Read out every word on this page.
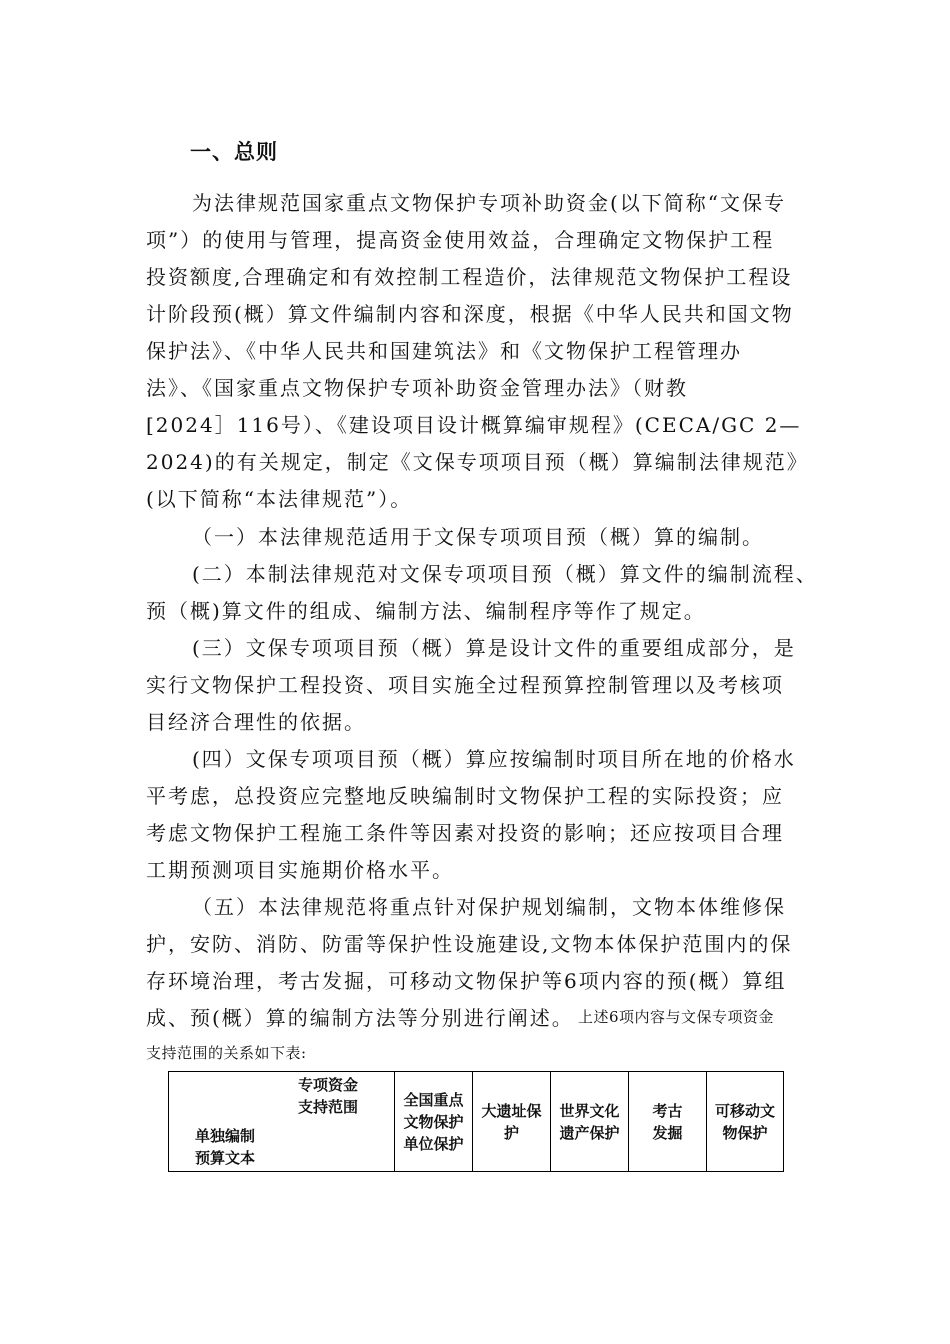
一、总则
为法律规范国家重点文物保护专项补助资金(以下简称“文保专
项”）的使用与管理，提高资金使用效益，合理确定文物保护工程
投资额度,合理确定和有效控制工程造价，法律规范文物保护工程设
计阶段预(概）算文件编制内容和深度，根据《中华人民共和国文物
保护法》、《中华人民共和国建筑法》和《文物保护工程管理办
法》、《国家重点文物保护专项补助资金管理办法》（财教
[2024］116号）、《建设项目设计概算编审规程》(CECA/GC 2—
2024)的有关规定，制定《文保专项项目预（概）算编制法律规范》
(以下简称“本法律规范”）。
（一）本法律规范适用于文保专项项目预（概）算的编制。
(二）本制法律规范对文保专项项目预（概）算文件的编制流程、
预（概)算文件的组成、编制方法、编制程序等作了规定。
(三）文保专项项目预（概）算是设计文件的重要组成部分，是
实行文物保护工程投资、项目实施全过程预算控制管理以及考核项
目经济合理性的依据。
(四）文保专项项目预（概）算应按编制时项目所在地的价格水
平考虑，总投资应完整地反映编制时文物保护工程的实际投资；应
考虑文物保护工程施工条件等因素对投资的影响；还应按项目合理
工期预测项目实施期价格水平。
（五）本法律规范将重点针对保护规划编制，文物本体维修保
护，安防、消防、防雷等保护性设施建设,文物本体保护范围内的保
存环境治理，考古发掘，可移动文物保护等6项内容的预(概）算组
成、预(概）算的编制方法等分别进行阐述。 上述6项内容与文保专项资金
支持范围的关系如下表:
专项资金支持范围
单独编制预算文本
	全国重点文物保护单位保护	大遗址保护	世界文化遗产保护	考古发掘	可移动文物保护
